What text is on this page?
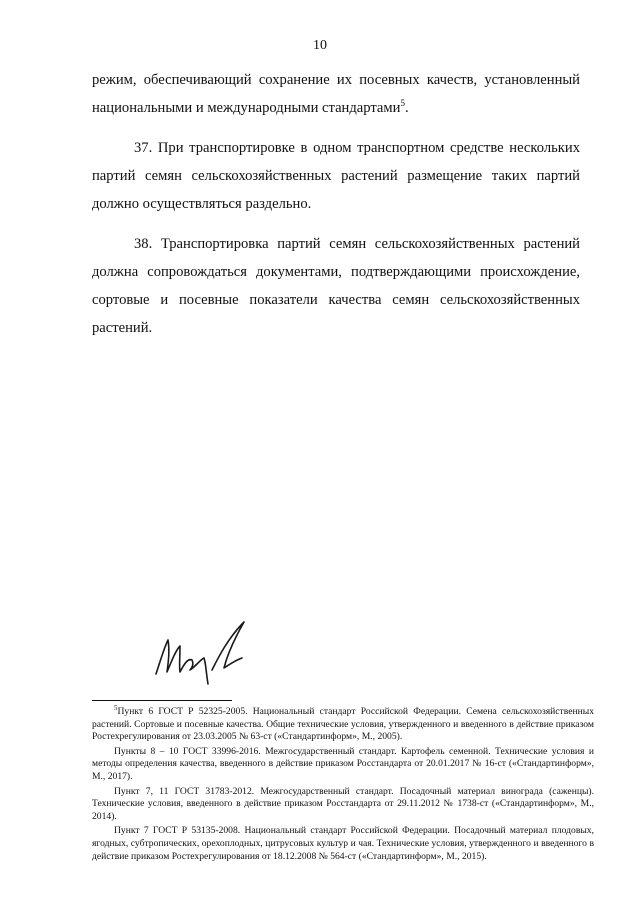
10

режим, обеспечивающий сохранение их посевных качеств, установленный национальными и международными стандартами$^5$.

37. При транспортировке в одном транспортном средстве нескольких партий семян сельскохозяйственных растений размещение таких партий должно осуществляться раздельно.

38. Транспортировка партий семян сельскохозяйственных растений должна сопровождаться документами, подтверждающими происхождение, сортовые и посевные показатели качества семян сельскохозяйственных растений.

$^5$Пункт 6 ГОСТ Р 52325-2005. Национальный стандарт Российской Федерации. Семена сельскохозяйственных растений. Сортовые и посевные качества. Общие технические условия, утвержденного и введенного в действие приказом Ростехрегулирования от 23.03.2005 № 63-ст («Стандартинформ», М., 2005).

Пункты 8 – 10 ГОСТ 33996-2016. Межгосударственный стандарт. Картофель семенной. Технические условия и методы определения качества, введенного в действие приказом Росстандарта от 20.01.2017 № 16-ст («Стандартинформ», М., 2017).

Пункт 7, 11 ГОСТ 31783-2012. Межгосударственный стандарт. Посадочный материал винограда (саженцы). Технические условия, введенного в действие приказом Росстандарта от 29.11.2012 № 1738-ст («Стандартинформ», М., 2014).

Пункт 7 ГОСТ Р 53135-2008. Национальный стандарт Российской Федерации. Посадочный материал плодовых, ягодных, субтропических, орехоплодных, цитрусовых культур и чая. Технические условия, утвержденного и введенного в действие приказом Ростехрегулирования от 18.12.2008 № 564-ст («Стандартинформ», М., 2015).
